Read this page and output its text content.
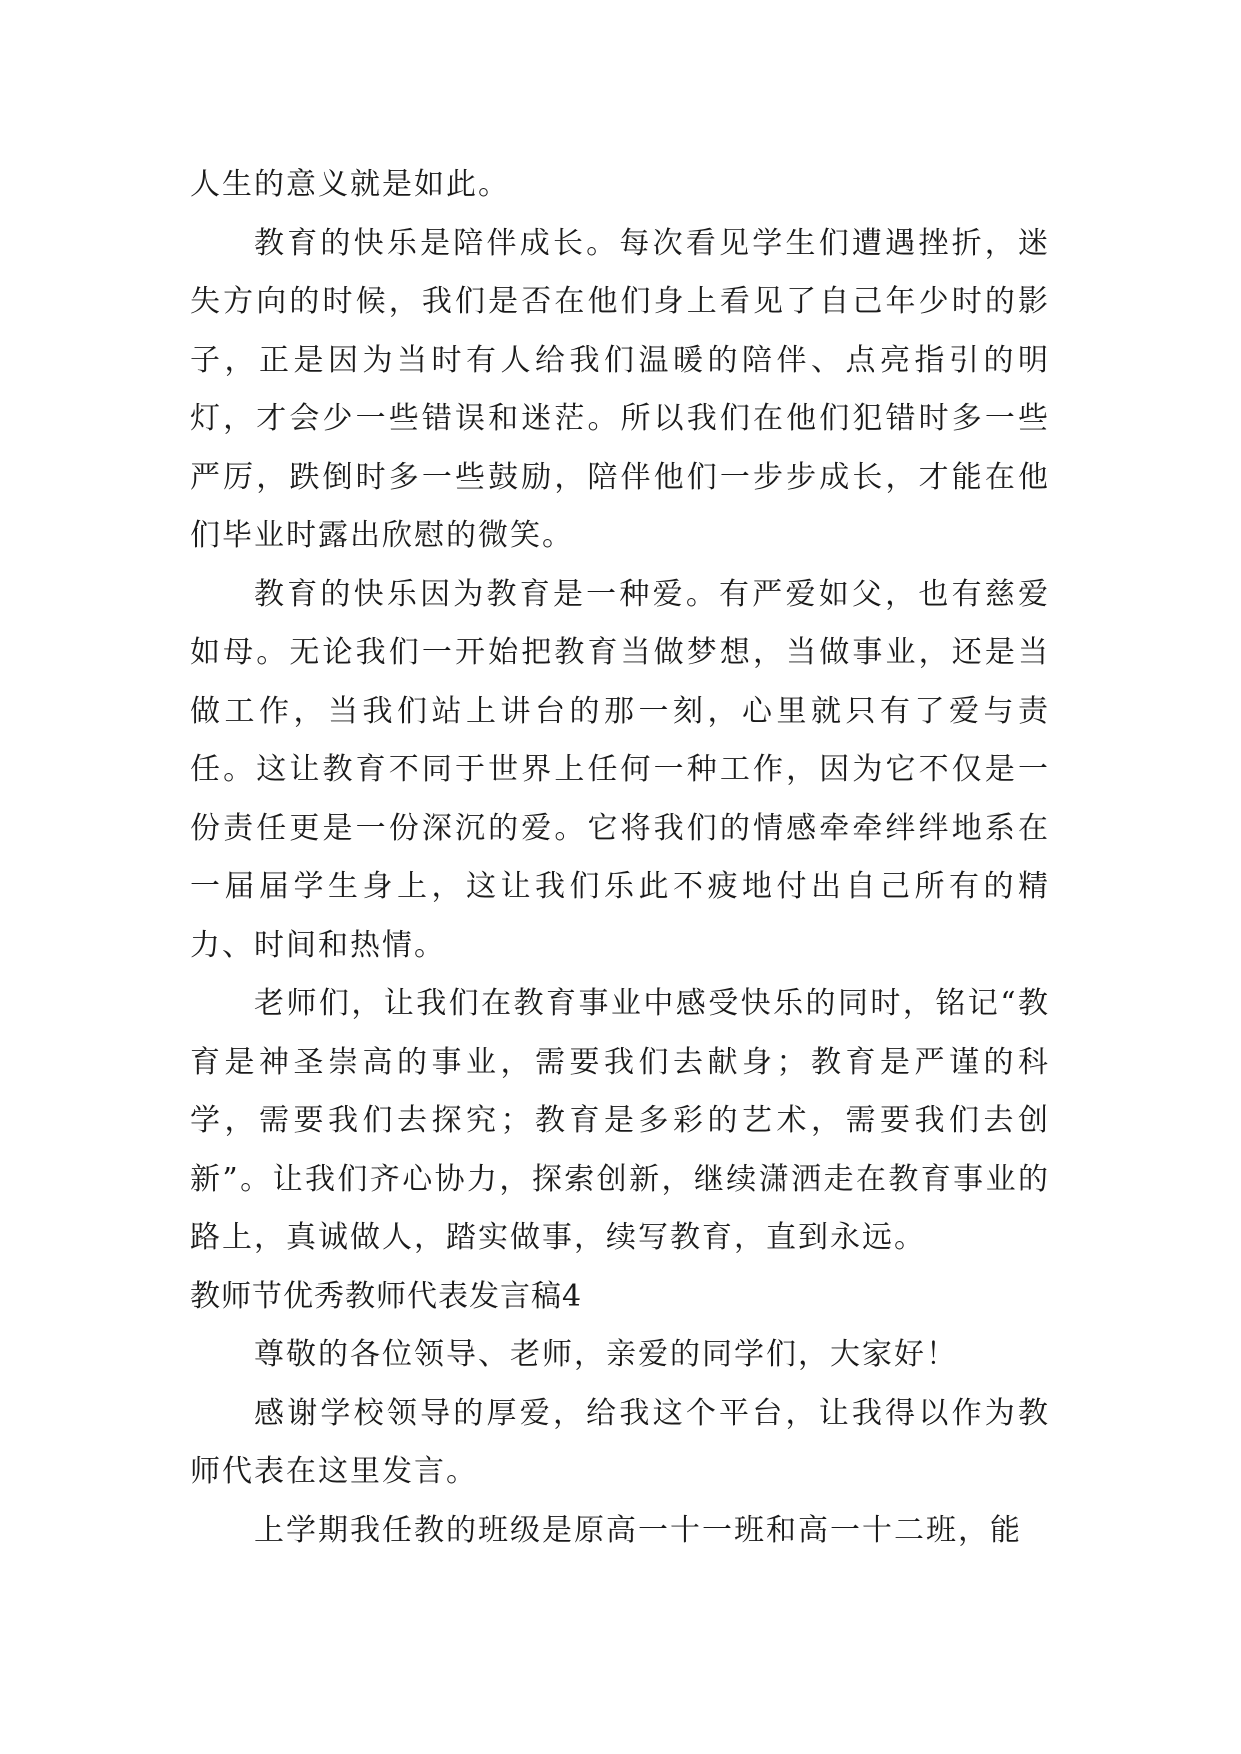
人生的意义就是如此。

教育的快乐是陪伴成长。每次看见学生们遭遇挫折，迷失方向的时候，我们是否在他们身上看见了自己年少时的影子，正是因为当时有人给我们温暖的陪伴、点亮指引的明灯，才会少一些错误和迷茫。所以我们在他们犯错时多一些严厉，跌倒时多一些鼓励，陪伴他们一步步成长，才能在他们毕业时露出欣慰的微笑。

教育的快乐因为教育是一种爱。有严爱如父，也有慈爱如母。无论我们一开始把教育当做梦想，当做事业，还是当做工作，当我们站上讲台的那一刻，心里就只有了爱与责任。这让教育不同于世界上任何一种工作，因为它不仅是一份责任更是一份深沉的爱。它将我们的情感牵牵绊绊地系在一届届学生身上，这让我们乐此不疲地付出自己所有的精力、时间和热情。

老师们，让我们在教育事业中感受快乐的同时，铭记“教育是神圣崇高的事业，需要我们去献身；教育是严谨的科学，需要我们去探究；教育是多彩的艺术，需要我们去创新”。让我们齐心协力，探索创新，继续潇洒走在教育事业的路上，真诚做人，踏实做事，续写教育，直到永远。

教师节优秀教师代表发言稿4

尊敬的各位领导、老师，亲爱的同学们，大家好！

感谢学校领导的厚爱，给我这个平台，让我得以作为教师代表在这里发言。

上学期我任教的班级是原高一十一班和高一十二班，能
